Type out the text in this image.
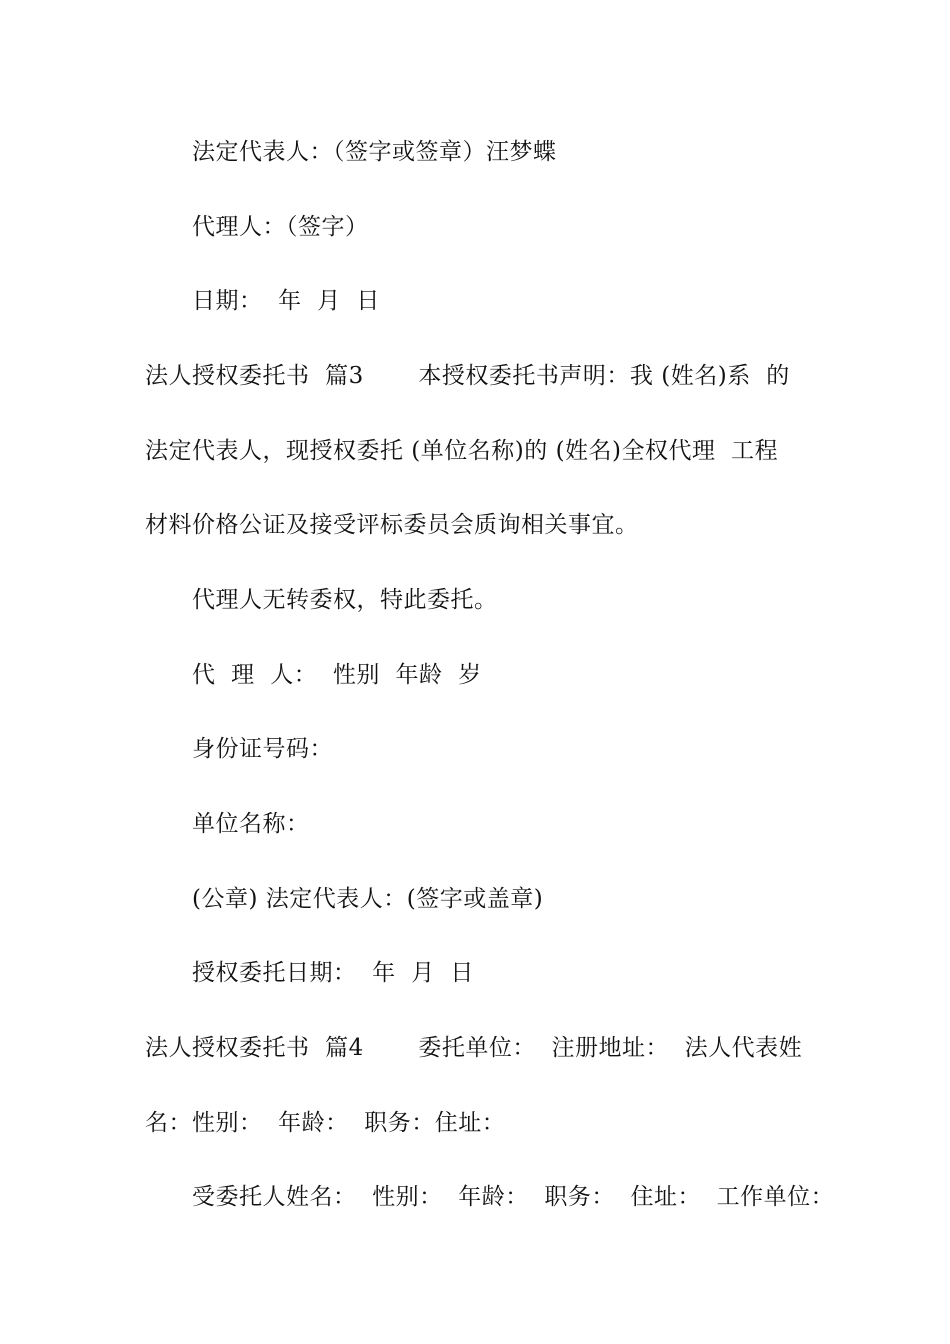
法定代表人：（签字或签章）汪梦蝶
代理人：（签字）
日期：  年  月  日
法人授权委托书  篇3       本授权委托书声明：我 (姓名)系  的
法定代表人，现授权委托 (单位名称)的 (姓名)全权代理  工程
材料价格公证及接受评标委员会质询相关事宜。
代理人无转委权，特此委托。
代  理  人：  性别  年龄  岁
身份证号码：
单位名称：
(公章) 法定代表人：(签字或盖章)
授权委托日期：  年  月  日
法人授权委托书  篇4       委托单位：  注册地址：  法人代表姓
名：性别：  年龄：  职务：住址：
受委托人姓名：  性别：  年龄：  职务：  住址：  工作单位：
